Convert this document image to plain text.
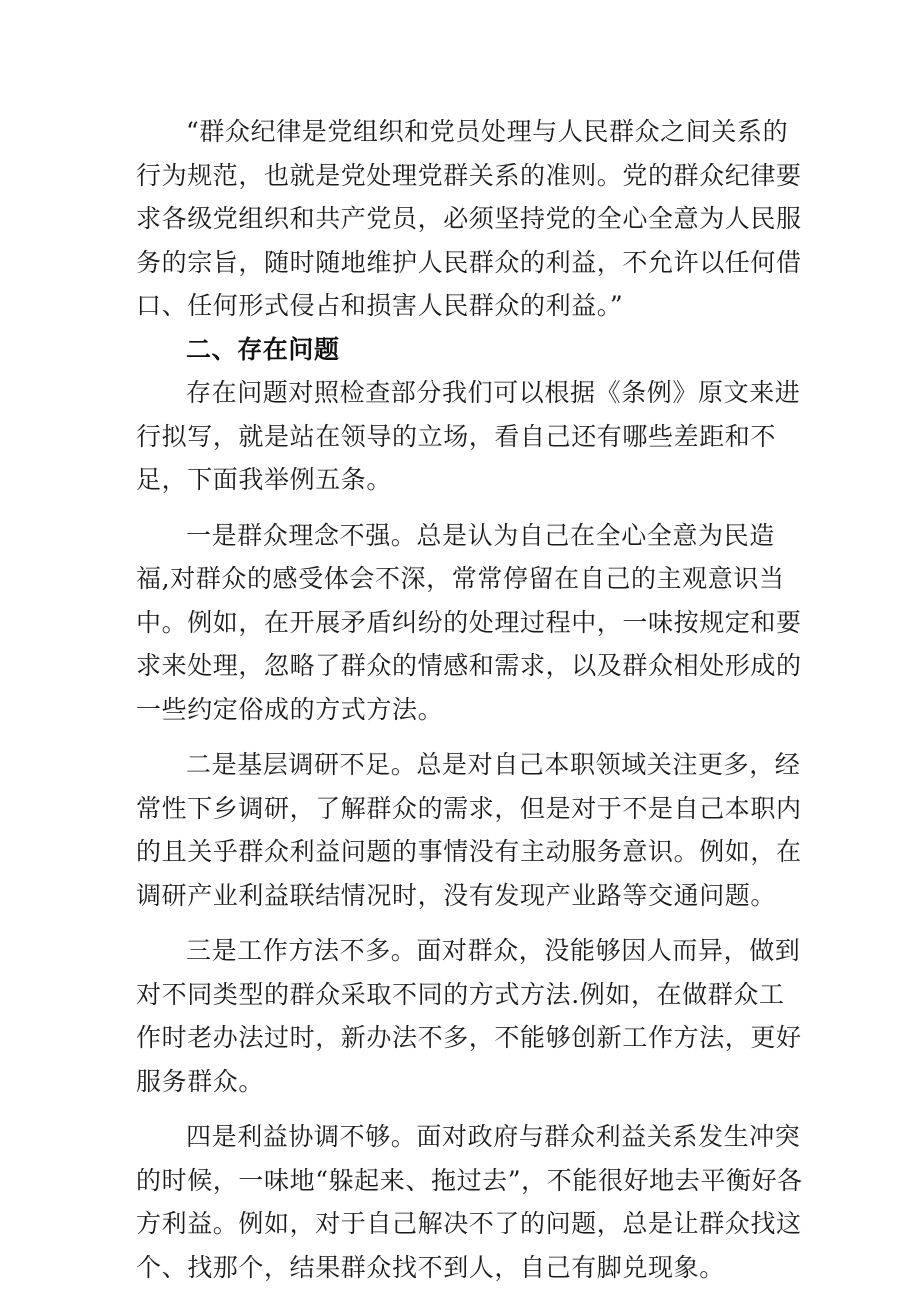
“群众纪律是党组织和党员处理与人民群众之间关系的行为规范，也就是党处理党群关系的准则。党的群众纪律要求各级党组织和共产党员，必须坚持党的全心全意为人民服务的宗旨，随时随地维护人民群众的利益，不允许以任何借口、任何形式侵占和损害人民群众的利益。”

二、存在问题

存在问题对照检查部分我们可以根据《条例》原文来进行拟写，就是站在领导的立场，看自己还有哪些差距和不足，下面我举例五条。

一是群众理念不强。总是认为自己在全心全意为民造福,对群众的感受体会不深，常常停留在自己的主观意识当中。例如，在开展矛盾纠纷的处理过程中，一味按规定和要求来处理，忽略了群众的情感和需求，以及群众相处形成的一些约定俗成的方式方法。

二是基层调研不足。总是对自己本职领域关注更多，经常性下乡调研，了解群众的需求，但是对于不是自己本职内的且关乎群众利益问题的事情没有主动服务意识。例如，在调研产业利益联结情况时，没有发现产业路等交通问题。

三是工作方法不多。面对群众，没能够因人而异，做到对不同类型的群众采取不同的方式方法.例如，在做群众工作时老办法过时，新办法不多，不能够创新工作方法，更好服务群众。

四是利益协调不够。面对政府与群众利益关系发生冲突的时候，一味地“躲起来、拖过去”，不能很好地去平衡好各方利益。例如，对于自己解决不了的问题，总是让群众找这个、找那个，结果群众找不到人，自己有脚兑现象。
